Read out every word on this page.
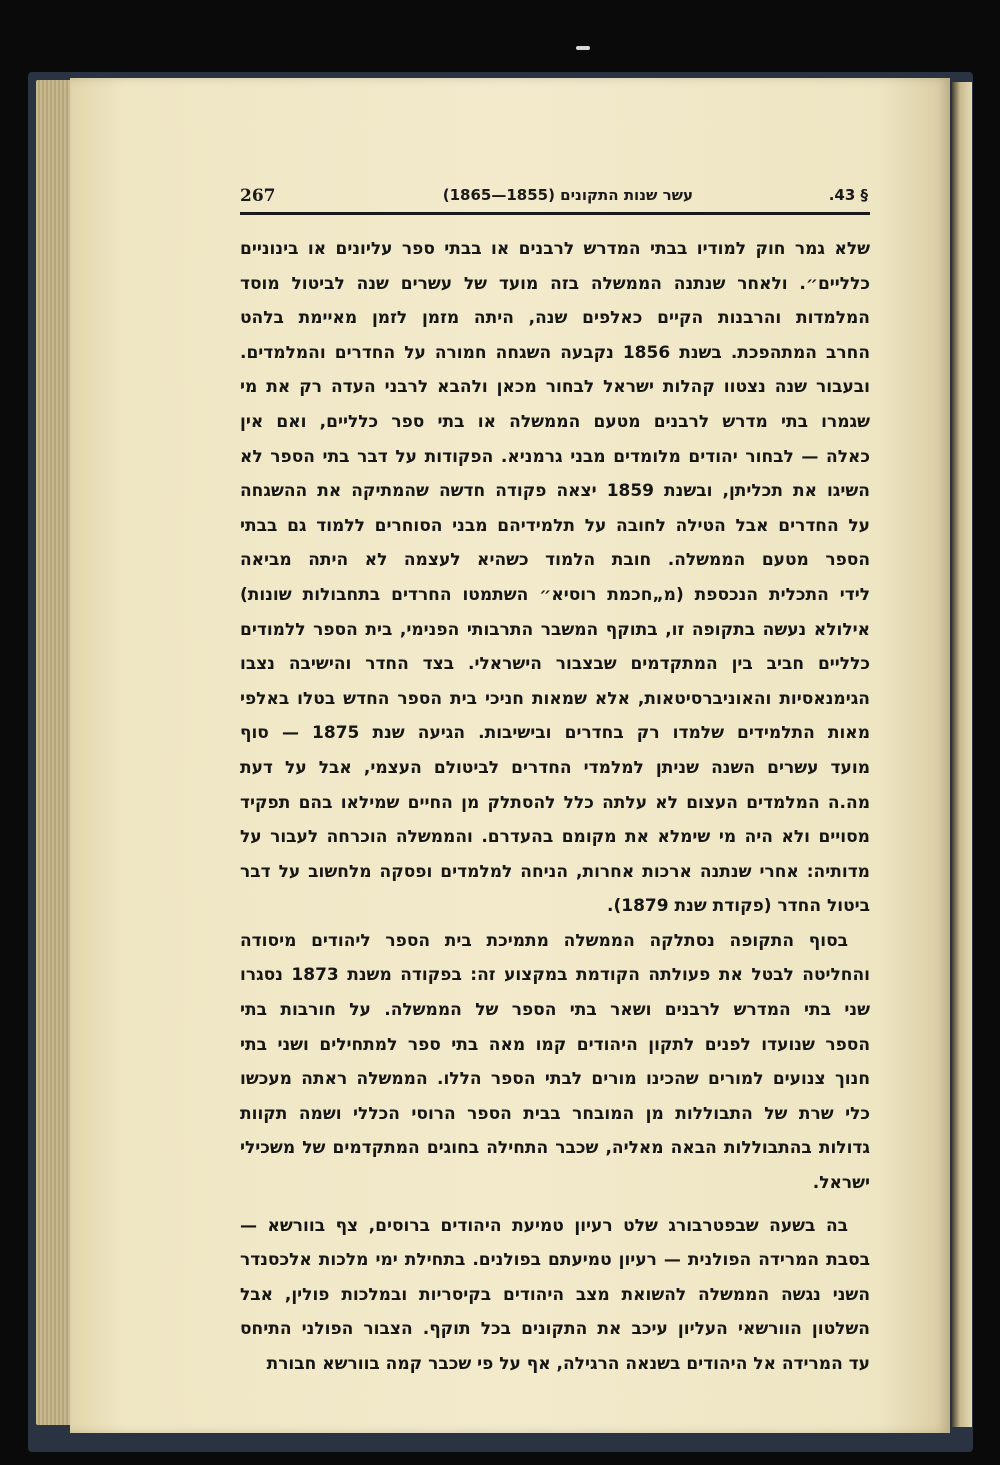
267	עשר שנות התקונים (1855—1865)	§ 43.
שלא גמר חוק למודיו בבתי המדרש לרבנים או בבתי ספר עליונים או בינוניים
כלליים״. ולאחר שנתנה הממשלה בזה מועד של עשרים שנה לביטול מוסד
המלמדות והרבנות הקיים כאלפים שנה, היתה מזמן לזמן מאיימת בלהט
החרב המתהפכת. בשנת 1856 נקבעה השגחה חמורה על החדרים והמלמדים.
ובעבור שנה נצטוו קהלות ישראל לבחור מכאן ולהבא לרבני העדה רק את מי
שגמרו בתי מדרש לרבנים מטעם הממשלה או בתי ספר כלליים, ואם אין
כאלה — לבחור יהודים מלומדים מבני גרמניא. הפקודות על דבר בתי הספר לא
השיגו את תכליתן, ובשנת 1859 יצאה פקודה חדשה שהמתיקה את ההשגחה
על החדרים אבל הטילה לחובה על תלמידיהם מבני הסוחרים ללמוד גם בבתי
הספר מטעם הממשלה. חובת הלמוד כשהיא לעצמה לא היתה מביאה
לידי התכלית הנכספת (מ„חכמת רוסיא״ השתמטו החרדים בתחבולות שונות)
אילולא נעשה בתקופה זו, בתוקף המשבר התרבותי הפנימי, בית הספר ללמודים
כלליים חביב בין המתקדמים שבצבור הישראלי. בצד החדר והישיבה נצבו
הגימנאסיות והאוניברסיטאות, אלא שמאות חניכי בית הספר החדש בטלו באלפי
מאות התלמידים שלמדו רק בחדרים ובישיבות. הגיעה שנת 1875 — סוף
מועד עשרים השנה שניתן למלמדי החדרים לביטולם העצמי, אבל על דעת
מה.ה המלמדים העצום לא עלתה כלל להסתלק מן החיים שמילאו בהם תפקיד
מסויים ולא היה מי שימלא את מקומם בהעדרם. והממשלה הוכרחה לעבור על
מדותיה: אחרי שנתנה ארכות אחרות, הניחה למלמדים ופסקה מלחשוב על דבר
ביטול החדר (פקודת שנת 1879).
בסוף התקופה נסתלקה הממשלה מתמיכת בית הספר ליהודים מיסודה
והחליטה לבטל את פעולתה הקודמת במקצוע זה: בפקודה משנת 1873 נסגרו
שני בתי המדרש לרבנים ושאר בתי הספר של הממשלה. על חורבות בתי
הספר שנועדו לפנים לתקון היהודים קמו מאה בתי ספר למתחילים ושני בתי
חנוך צנועים למורים שהכינו מורים לבתי הספר הללו. הממשלה ראתה מעכשו
כלי שרת של התבוללות מן המובחר בבית הספר הרוסי הכללי ושמה תקוות
גדולות בהתבוללות הבאה מאליה, שכבר התחילה בחוגים המתקדמים של משכילי
ישראל.
בה בשעה שבפטרבורג שלט רעיון טמיעת היהודים ברוסים, צף בוורשא —
בסבת המרידה הפולנית — רעיון טמיעתם בפולנים. בתחילת ימי מלכות אלכסנדר
השני נגשה הממשלה להשואת מצב היהודים בקיסריות ובמלכות פולין, אבל
השלטון הוורשאי העליון עיכב את התקונים בכל תוקף. הצבור הפולני התיחס
עד המרידה אל היהודים בשנאה הרגילה, אף על פי שכבר קמה בוורשא חבורת
